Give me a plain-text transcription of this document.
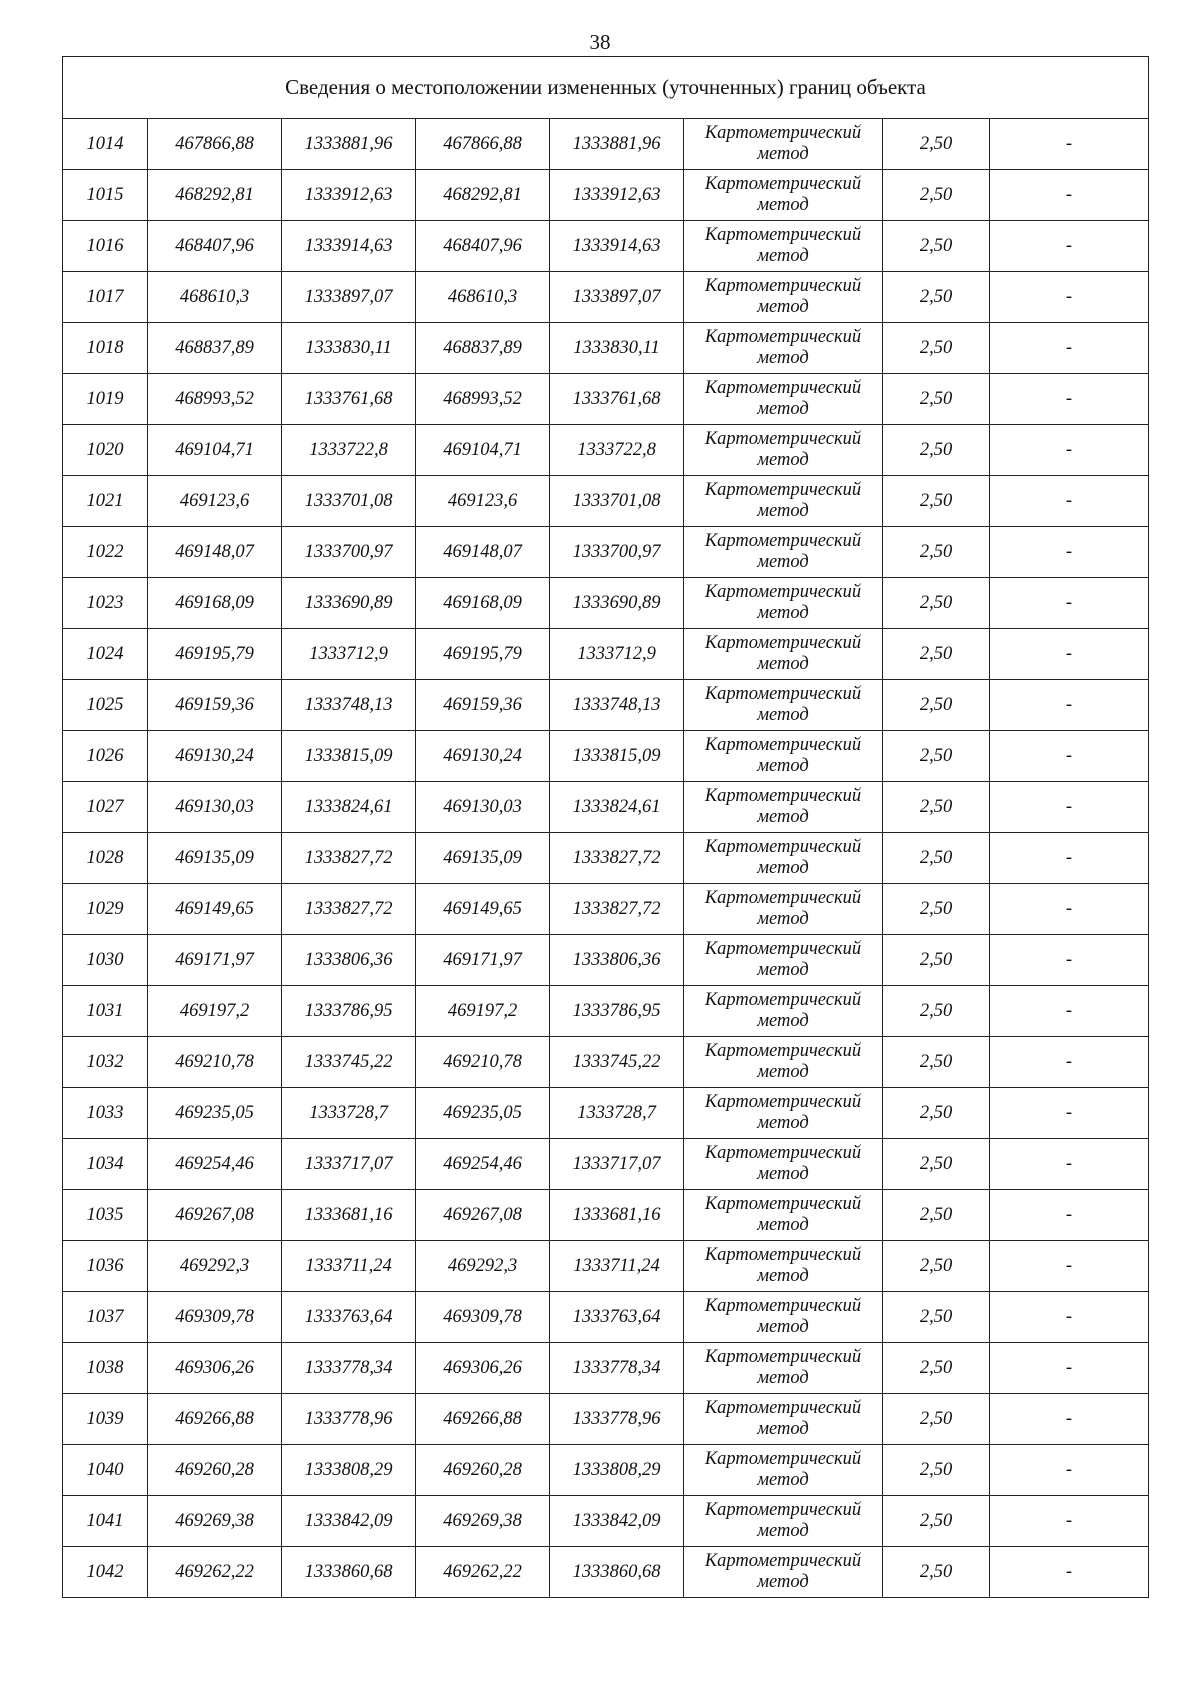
38
Сведения о местоположении измененных (уточненных) границ объекта							
1014	467866,88	1333881,96	467866,88	1333881,96	Картометрический
метод	2,50	-
1015	468292,81	1333912,63	468292,81	1333912,63	Картометрический
метод	2,50	-
1016	468407,96	1333914,63	468407,96	1333914,63	Картометрический
метод	2,50	-
1017	468610,3	1333897,07	468610,3	1333897,07	Картометрический
метод	2,50	-
1018	468837,89	1333830,11	468837,89	1333830,11	Картометрический
метод	2,50	-
1019	468993,52	1333761,68	468993,52	1333761,68	Картометрический
метод	2,50	-
1020	469104,71	1333722,8	469104,71	1333722,8	Картометрический
метод	2,50	-
1021	469123,6	1333701,08	469123,6	1333701,08	Картометрический
метод	2,50	-
1022	469148,07	1333700,97	469148,07	1333700,97	Картометрический
метод	2,50	-
1023	469168,09	1333690,89	469168,09	1333690,89	Картометрический
метод	2,50	-
1024	469195,79	1333712,9	469195,79	1333712,9	Картометрический
метод	2,50	-
1025	469159,36	1333748,13	469159,36	1333748,13	Картометрический
метод	2,50	-
1026	469130,24	1333815,09	469130,24	1333815,09	Картометрический
метод	2,50	-
1027	469130,03	1333824,61	469130,03	1333824,61	Картометрический
метод	2,50	-
1028	469135,09	1333827,72	469135,09	1333827,72	Картометрический
метод	2,50	-
1029	469149,65	1333827,72	469149,65	1333827,72	Картометрический
метод	2,50	-
1030	469171,97	1333806,36	469171,97	1333806,36	Картометрический
метод	2,50	-
1031	469197,2	1333786,95	469197,2	1333786,95	Картометрический
метод	2,50	-
1032	469210,78	1333745,22	469210,78	1333745,22	Картометрический
метод	2,50	-
1033	469235,05	1333728,7	469235,05	1333728,7	Картометрический
метод	2,50	-
1034	469254,46	1333717,07	469254,46	1333717,07	Картометрический
метод	2,50	-
1035	469267,08	1333681,16	469267,08	1333681,16	Картометрический
метод	2,50	-
1036	469292,3	1333711,24	469292,3	1333711,24	Картометрический
метод	2,50	-
1037	469309,78	1333763,64	469309,78	1333763,64	Картометрический
метод	2,50	-
1038	469306,26	1333778,34	469306,26	1333778,34	Картометрический
метод	2,50	-
1039	469266,88	1333778,96	469266,88	1333778,96	Картометрический
метод	2,50	-
1040	469260,28	1333808,29	469260,28	1333808,29	Картометрический
метод	2,50	-
1041	469269,38	1333842,09	469269,38	1333842,09	Картометрический
метод	2,50	-
1042	469262,22	1333860,68	469262,22	1333860,68	Картометрический
метод	2,50	-
